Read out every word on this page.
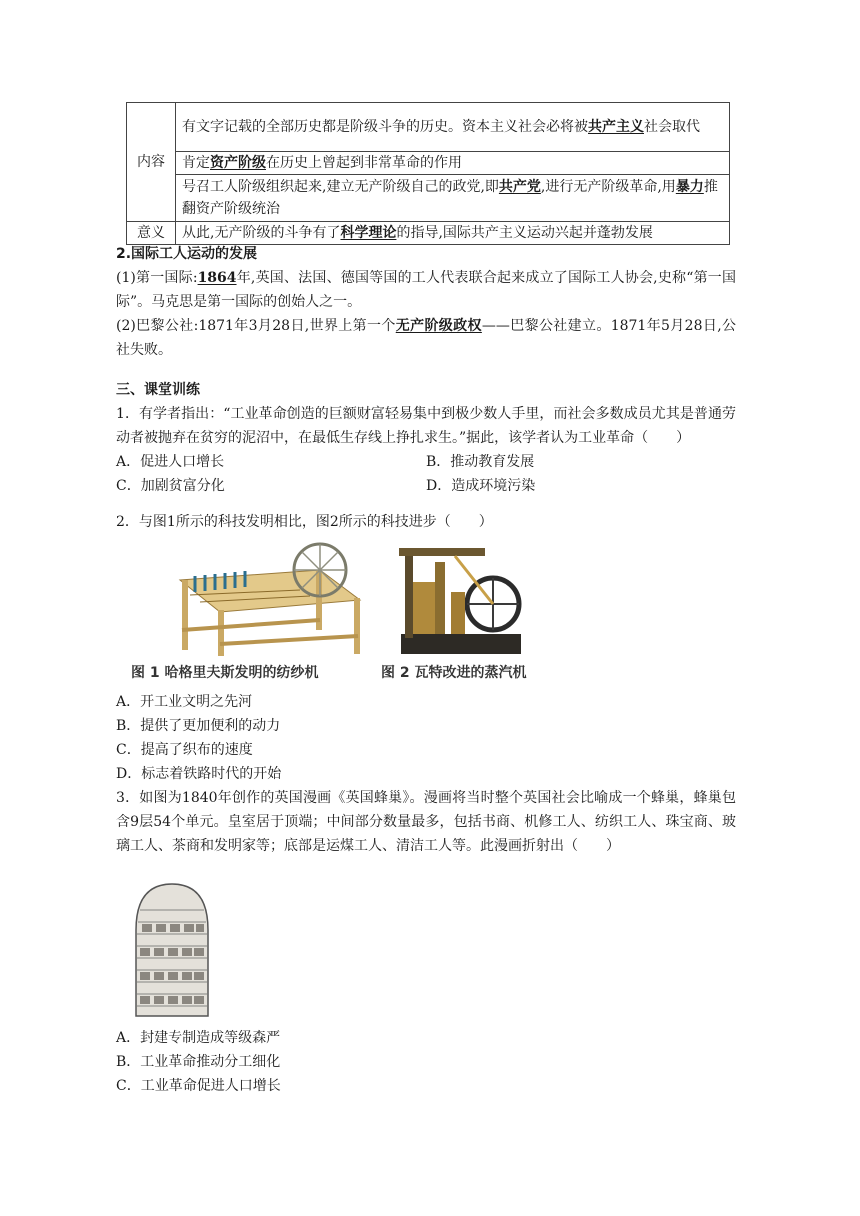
内容	有文字记载的全部历史都是阶级斗争的历史。资本主义社会必将被共产主义社会取代
	肯定资产阶级在历史上曾起到非常革命的作用
	号召工人阶级组织起来,建立无产阶级自己的政党,即共产党,进行无产阶级革命,用暴力推翻资产阶级统治
意义	从此,无产阶级的斗争有了科学理论的指导,国际共产主义运动兴起并蓬勃发展
2.国际工人运动的发展
(1)第一国际:1864年,英国、法国、德国等国的工人代表联合起来成立了国际工人协会,史称“第一国际”。马克思是第一国际的创始人之一。
(2)巴黎公社:1871年3月28日,世界上第一个无产阶级政权——巴黎公社建立。1871年5月28日,公社失败。
三、课堂训练
1．有学者指出：“工业革命创造的巨额财富轻易集中到极少数人手里，而社会多数成员尤其是普通劳动者被抛弃在贫穷的泥沼中，在最低生存线上挣扎求生。”据此，该学者认为工业革命（　　）
A．促进人口增长	B．推动教育发展
C．加剧贫富分化	D．造成环境污染
2．与图1所示的科技发明相比，图2所示的科技进步（　　）
图 1 哈格里夫斯发明的纺纱机	图 2 瓦特改进的蒸汽机
A．开工业文明之先河
B．提供了更加便利的动力
C．提高了织布的速度
D．标志着铁路时代的开始
3．如图为1840年创作的英国漫画《英国蜂巢》。漫画将当时整个英国社会比喻成一个蜂巢，蜂巢包含9层54个单元。皇室居于顶端；中间部分数量最多，包括书商、机修工人、纺织工人、珠宝商、玻璃工人、茶商和发明家等；底部是运煤工人、清洁工人等。此漫画折射出（　　）
A．封建专制造成等级森严
B．工业革命推动分工细化
C．工业革命促进人口增长
